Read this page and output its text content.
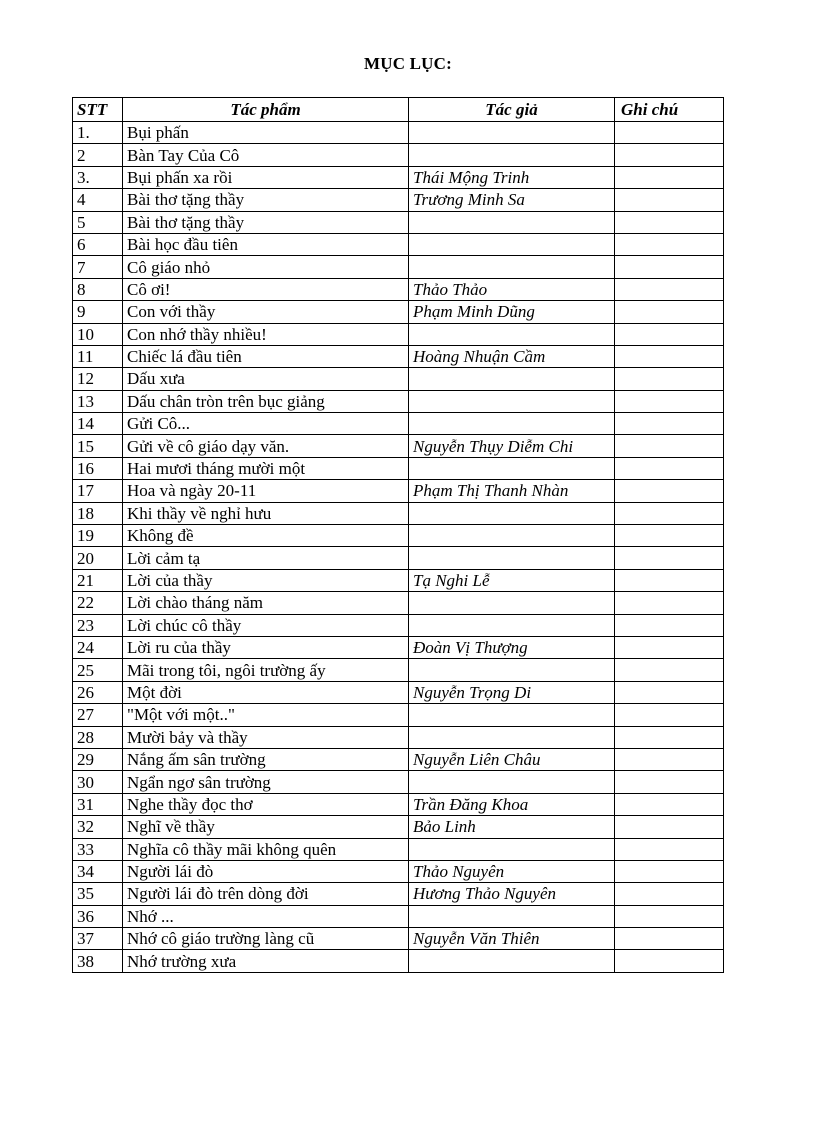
MỤC LỤC:
STT	Tác phẩm	Tác giả	Ghi chú
1.	Bụi phấn		
2	Bàn Tay Của Cô		
3.	Bụi phấn xa rồi	Thái Mộng Trinh	
4	Bài thơ tặng thầy	Trương Minh Sa	
5	Bài thơ tặng thầy		
6	Bài học đầu tiên		
7	Cô giáo nhỏ		
8	Cô ơi!	Thảo Thảo	
9	Con với thầy	Phạm Minh Dũng	
10	Con nhớ thầy nhiều!		
11	Chiếc lá đầu tiên	Hoàng Nhuận Cầm	
12	Dấu xưa		
13	Dấu chân tròn trên bục giảng		
14	Gửi Cô...		
15	Gửi về cô giáo dạy văn.	Nguyễn Thụy Diễm Chi	
16	Hai mươi tháng mười một		
17	Hoa và ngày 20-11	Phạm Thị Thanh Nhàn	
18	Khi thầy về nghỉ hưu		
19	Không đề		
20	Lời cảm tạ		
21	Lời của thầy	Tạ Nghi Lễ	
22	Lời chào tháng năm		
23	Lời chúc cô thầy		
24	Lời ru của thầy	Đoàn Vị Thượng	
25	Mãi trong tôi, ngôi trường ấy		
26	Một đời	Nguyễn Trọng Di	
27	"Một với một.."		
28	Mười bảy và thầy		
29	Nắng ấm sân trường	Nguyễn Liên Châu	
30	Ngẩn ngơ sân trường		
31	Nghe thầy đọc thơ	Trần Đăng Khoa	
32	Nghĩ về thầy	Bảo Linh	
33	Nghĩa cô thầy mãi không quên		
34	Người lái đò	Thảo Nguyên	
35	Người lái đò trên dòng đời	Hương Thảo Nguyên	
36	Nhớ ...		
37	Nhớ cô giáo trường làng cũ	Nguyễn Văn Thiên	
38	Nhớ trường xưa		
